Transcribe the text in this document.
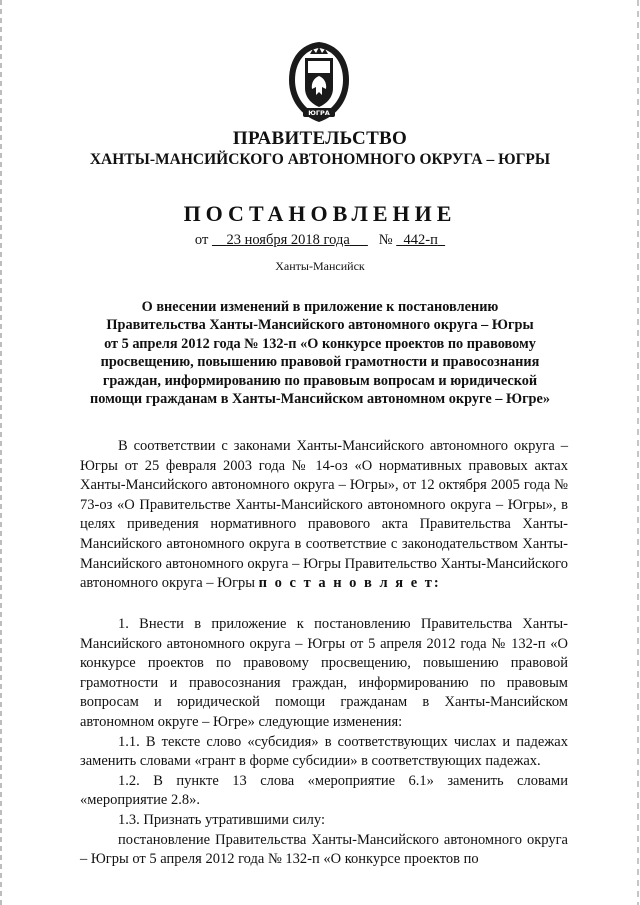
ЮГРА
ПРАВИТЕЛЬСТВО
ХАНТЫ-МАНСИЙСКОГО АВТОНОМНОГО ОКРУГА – ЮГРЫ
ПОСТАНОВЛЕНИЕ
от 23 ноября 2018 года № 442-п
Ханты-Мансийск
О внесении изменений в приложение к постановлению
Правительства Ханты-Мансийского автономного округа – Югры
от 5 апреля 2012 года № 132-п «О конкурсе проектов по правовому
просвещению, повышению правовой грамотности и правосознания
граждан, информированию по правовым вопросам и юридической
помощи гражданам в Ханты-Мансийском автономном округе – Югре»

В соответствии с законами Ханты-Мансийского автономного округа – Югры от 25 февраля 2003 года № 14-оз «О нормативных правовых актах Ханты-Мансийского автономного округа – Югры», от 12 октября 2005 года № 73-оз «О Правительстве Ханты-Мансийского автономного округа – Югры», в целях приведения нормативного правового акта Правительства Ханты-Мансийского автономного округа в соответствие с законодательством Ханты-Мансийского автономного округа – Югры Правительство Ханты-Мансийского автономного округа – Югры п о с т а н о в л я е т:

1. Внести в приложение к постановлению Правительства Ханты-Мансийского автономного округа – Югры от 5 апреля 2012 года № 132-п «О конкурсе проектов по правовому просвещению, повышению правовой грамотности и правосознания граждан, информированию по правовым вопросам и юридической помощи гражданам в Ханты-Мансийском автономном округе – Югре» следующие изменения:

1.1. В тексте слово «субсидия» в соответствующих числах и падежах заменить словами «грант в форме субсидии» в соответствующих падежах.

1.2. В пункте 13 слова «мероприятие 6.1» заменить словами «мероприятие 2.8».

1.3. Признать утратившими силу:

постановление Правительства Ханты-Мансийского автономного округа – Югры от 5 апреля 2012 года № 132-п «О конкурсе проектов по
